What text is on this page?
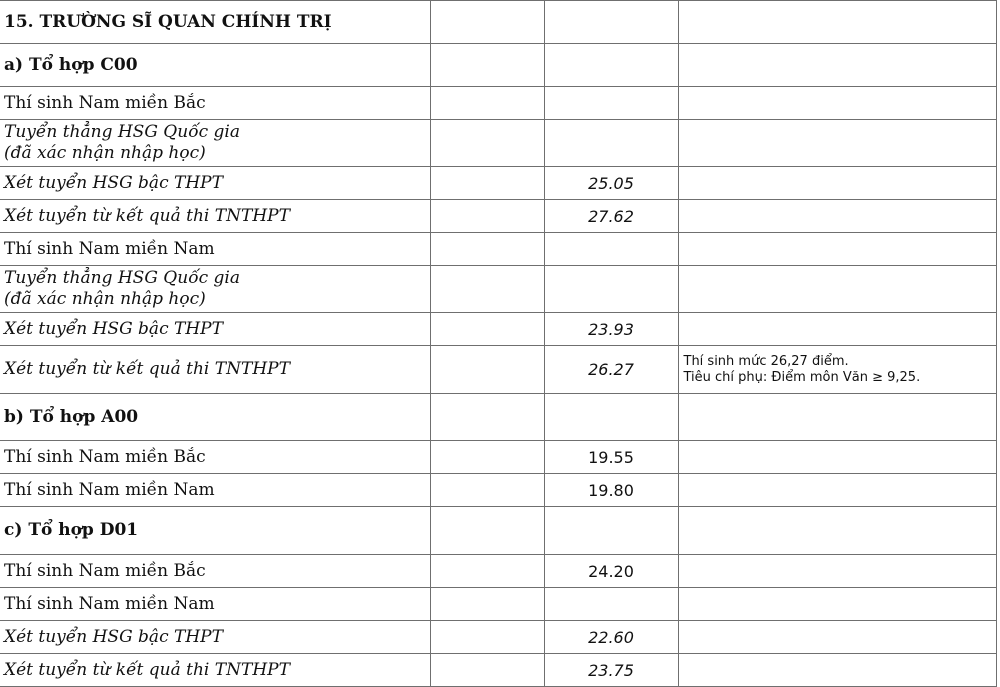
15. TRƯỜNG SĨ QUAN CHÍNH TRỊ			
a) Tổ hợp C00			
Thí sinh Nam miền Bắc			
Tuyển thẳng HSG Quốc gia
(đã xác nhận nhập học)			
Xét tuyển HSG bậc THPT		25.05	
Xét tuyển từ kết quả thi TNTHPT		27.62	
Thí sinh Nam miền Nam			
Tuyển thẳng HSG Quốc gia
(đã xác nhận nhập học)			
Xét tuyển HSG bậc THPT		23.93	
Xét tuyển từ kết quả thi TNTHPT		26.27	Thí sinh mức 26,27 điểm.
Tiêu chí phụ: Điểm môn Văn ≥ 9,25.

b) Tổ hợp A00			
Thí sinh Nam miền Bắc		19.55	
Thí sinh Nam miền Nam		19.80	
c) Tổ hợp D01			
Thí sinh Nam miền Bắc		24.20	
Thí sinh Nam miền Nam			
Xét tuyển HSG bậc THPT		22.60	
Xét tuyển từ kết quả thi TNTHPT		23.75	
